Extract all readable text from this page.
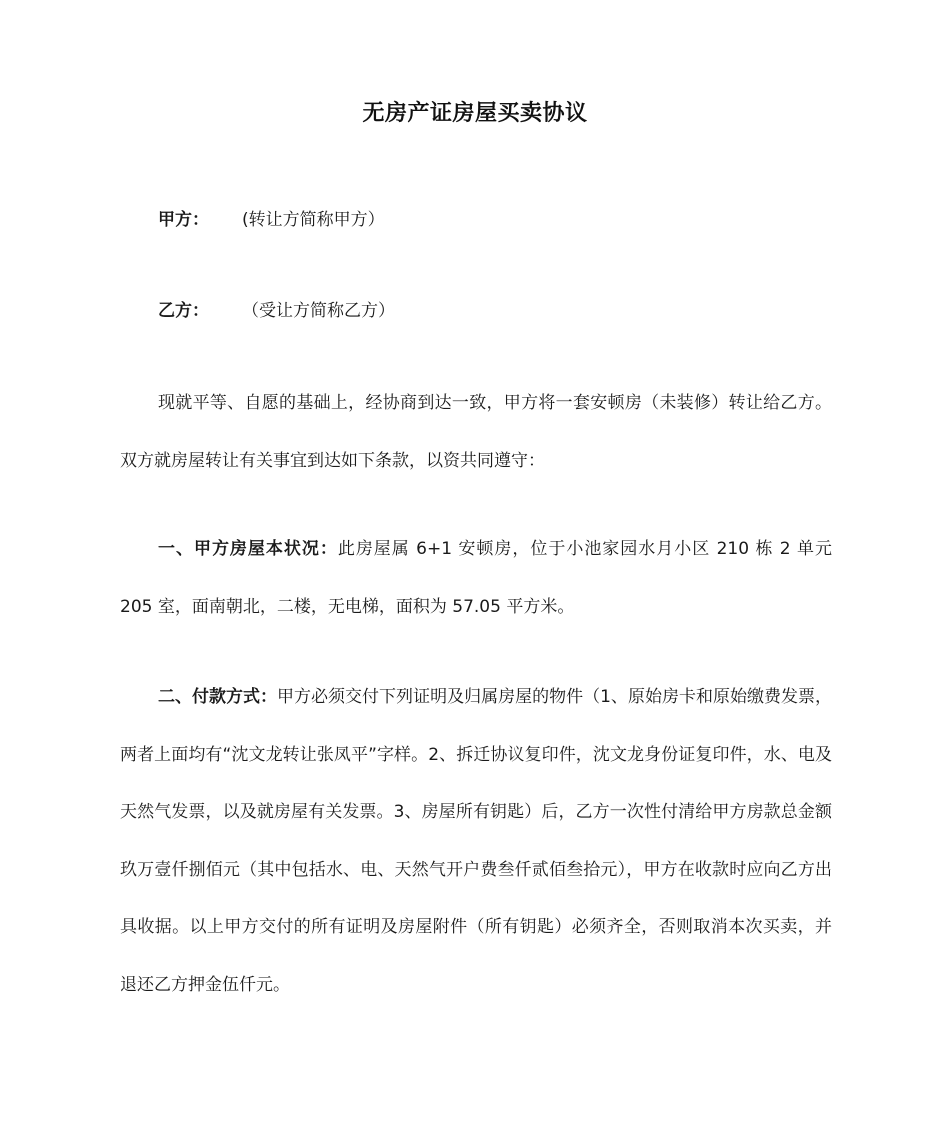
无房产证房屋买卖协议
甲方： (转让方简称甲方）
乙方： （受让方简称乙方）

现就平等、自愿的基础上，经协商到达一致，甲方将一套安顿房（未装修）转让给乙方。双方就房屋转让有关事宜到达如下条款，以资共同遵守：

一、甲方房屋本状况：此房屋属 6+1 安顿房，位于小池家园水月小区 210 栋 2 单元 205 室，面南朝北，二楼，无电梯，面积为 57.05 平方米。

二、付款方式：甲方必须交付下列证明及归属房屋的物件（1、原始房卡和原始缴费发票，两者上面均有“沈文龙转让张凤平”字样。2、拆迁协议复印件，沈文龙身份证复印件，水、电及天然气发票，以及就房屋有关发票。3、房屋所有钥匙）后，乙方一次性付清给甲方房款总金额玖万壹仟捌佰元（其中包括水、电、天然气开户费叁仟贰佰叁拾元），甲方在收款时应向乙方出具收据。以上甲方交付的所有证明及房屋附件（所有钥匙）必须齐全，否则取消本次买卖，并退还乙方押金伍仟元。
